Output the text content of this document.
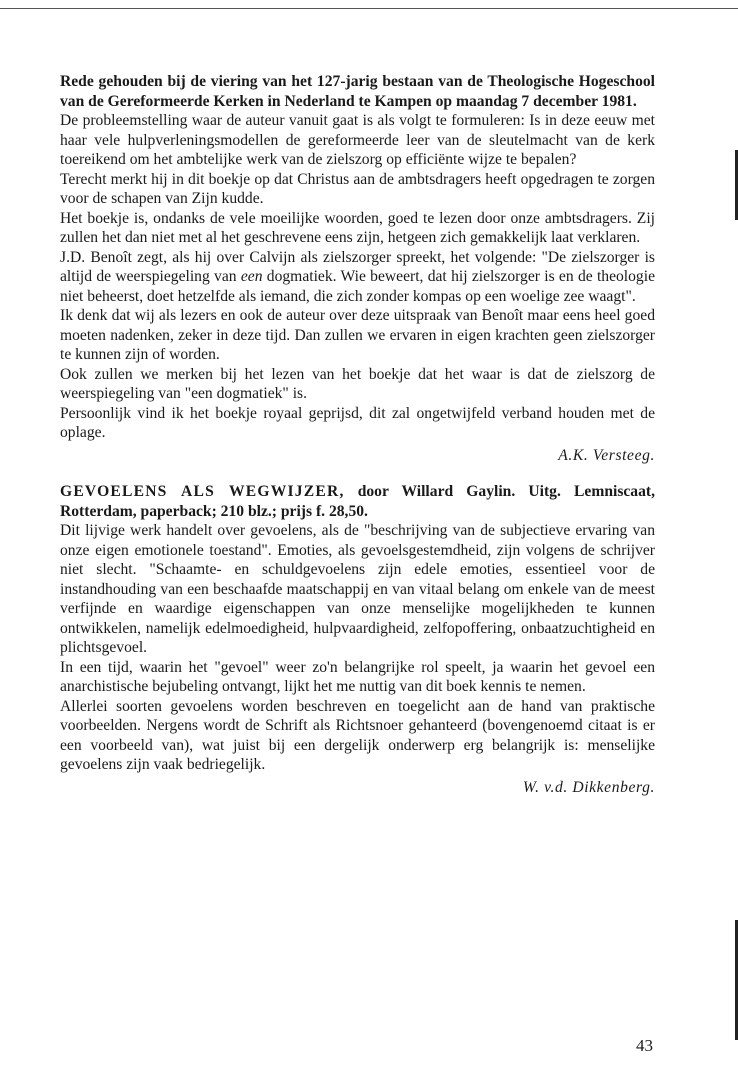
Rede gehouden bij de viering van het 127-jarig bestaan van de Theologische Hogeschool van de Gereformeerde Kerken in Nederland te Kampen op maandag 7 december 1981.
De probleemstelling waar de auteur vanuit gaat is als volgt te formuleren: Is in deze eeuw met haar vele hulpverleningsmodellen de gereformeerde leer van de sleutelmacht van de kerk toereikend om het ambtelijke werk van de zielszorg op efficiënte wijze te bepalen?
Terecht merkt hij in dit boekje op dat Christus aan de ambtsdragers heeft opgedragen te zorgen voor de schapen van Zijn kudde.
Het boekje is, ondanks de vele moeilijke woorden, goed te lezen door onze ambtsdragers. Zij zullen het dan niet met al het geschrevene eens zijn, hetgeen zich gemakkelijk laat verklaren.
J.D. Benoît zegt, als hij over Calvijn als zielszorger spreekt, het volgende: "De zielszorger is altijd de weerspiegeling van een dogmatiek. Wie beweert, dat hij zielszorger is en de theologie niet beheerst, doet hetzelfde als iemand, die zich zonder kompas op een woelige zee waagt".
Ik denk dat wij als lezers en ook de auteur over deze uitspraak van Benoît maar eens heel goed moeten nadenken, zeker in deze tijd. Dan zullen we ervaren in eigen krachten geen zielszorger te kunnen zijn of worden.
Ook zullen we merken bij het lezen van het boekje dat het waar is dat de zielszorg de weerspiegeling van "een dogmatiek" is.
Persoonlijk vind ik het boekje royaal geprijsd, dit zal ongetwijfeld verband houden met de oplage.
A.K. Versteeg.
GEVOELENS ALS WEGWIJZER, door Willard Gaylin. Uitg. Lemniscaat, Rotterdam, paperback; 210 blz.; prijs f. 28,50.
Dit lijvige werk handelt over gevoelens, als de "beschrijving van de subjectieve ervaring van onze eigen emotionele toestand". Emoties, als gevoelsgestemdheid, zijn volgens de schrijver niet slecht. "Schaamte- en schuldgevoelens zijn edele emoties, essentieel voor de instandhouding van een beschaafde maatschappij en van vitaal belang om enkele van de meest verfijnde en waardige eigenschappen van onze menselijke mogelijkheden te kunnen ontwikkelen, namelijk edelmoedigheid, hulpvaardigheid, zelfopoffering, onbaatzuchtigheid en plichtsgevoel.
In een tijd, waarin het "gevoel" weer zo'n belangrijke rol speelt, ja waarin het gevoel een anarchistische bejubeling ontvangt, lijkt het me nuttig van dit boek kennis te nemen.
Allerlei soorten gevoelens worden beschreven en toegelicht aan de hand van praktische voorbeelden. Nergens wordt de Schrift als Richtsnoer gehanteerd (bovengenoemd citaat is er een voorbeeld van), wat juist bij een dergelijk onderwerp erg belangrijk is: menselijke gevoelens zijn vaak bedriegelijk.
W. v.d. Dikkenberg.
43
